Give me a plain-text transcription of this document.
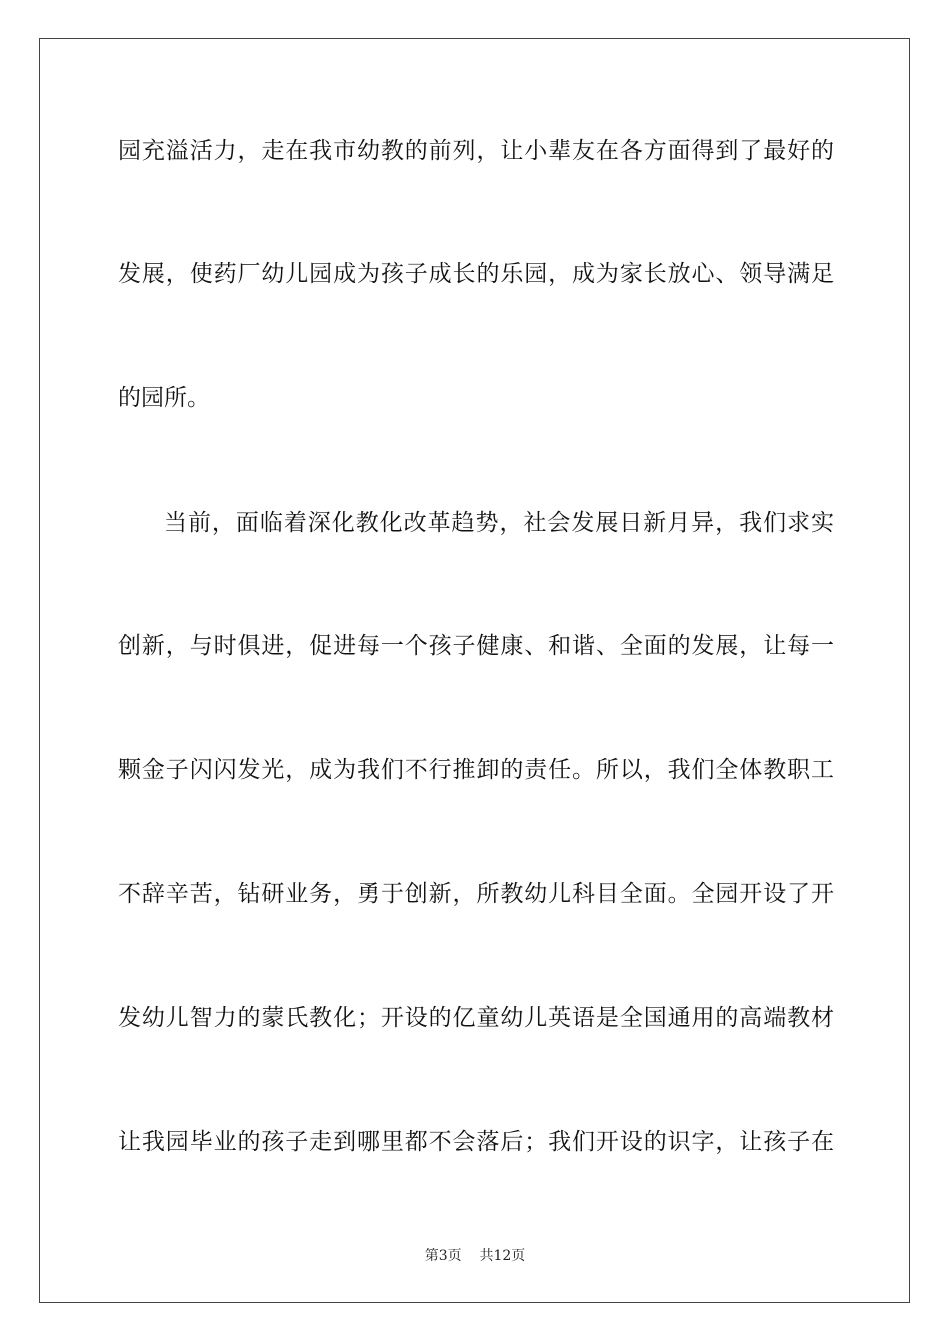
园充溢活力，走在我市幼教的前列，让小辈友在各方面得到了最好的
发展，使药厂幼儿园成为孩子成长的乐园，成为家长放心、领导满足
的园所。
当前，面临着深化教化改革趋势，社会发展日新月异，我们求实
创新，与时俱进，促进每一个孩子健康、和谐、全面的发展，让每一
颗金子闪闪发光，成为我们不行推卸的责任。所以，我们全体教职工
不辞辛苦，钻研业务，勇于创新，所教幼儿科目全面。全园开设了开
发幼儿智力的蒙氏教化；开设的亿童幼儿英语是全国通用的高端教材
让我园毕业的孩子走到哪里都不会落后；我们开设的识字，让孩子在
第3页 共12页
